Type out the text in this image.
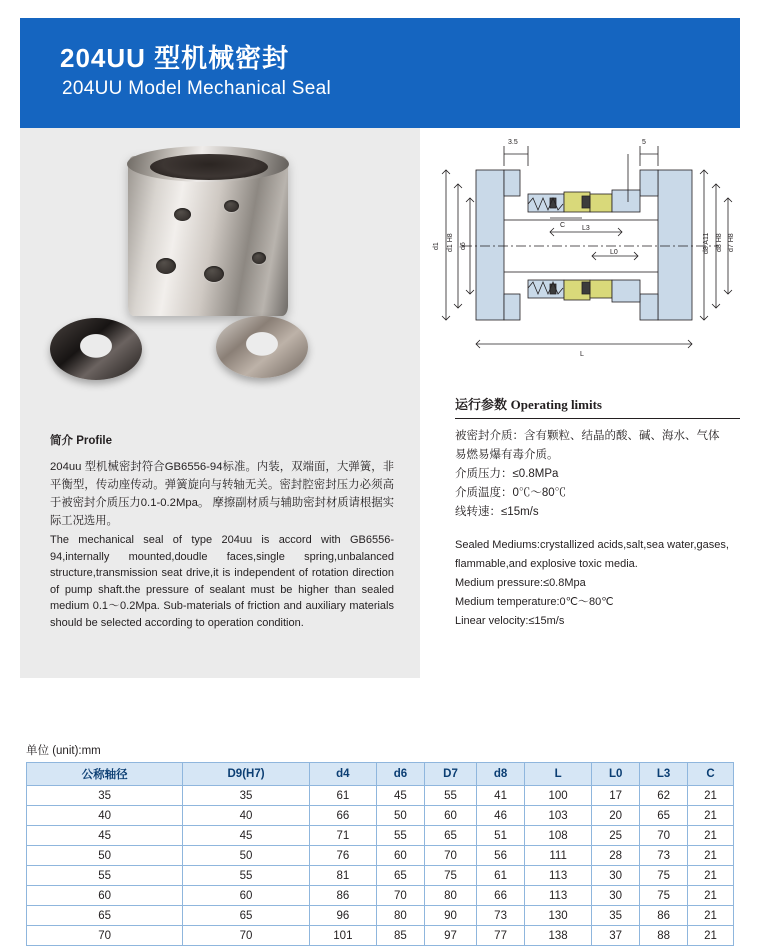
204UU 型机械密封
204UU Model Mechanical Seal
简介 Profile
204uu 型机械密封符合GB6556-94标准。内装，双端面，大弹簧，非平衡型，传动座传动。弹簧旋向与转轴无关。密封腔密封压力必须高于被密封介质压力0.1-0.2Mpa。 摩擦副材质与辅助密封材质请根据实际工况选用。
The mechanical seal of type 204uu is accord with GB6556-94,internally mounted,doudle faces,single spring,unbalanced structure,transmission seat drive,it is independent of rotation direction of pump shaft.the pressure of sealant must be higher than sealed medium 0.1～0.2Mpa. Sub-materials of friction and auxiliary materials should be selected according to operation condition.
3.5	5
d1 d1 H8 d6
C L3
L0	d8 A11 d8 H8 d7 H8
L
运行参数 Operating limits
被密封介质：含有颗粒、结晶的酸、碱、海水、气体
易燃易爆有毒介质。
介质压力：≤0.8MPa
介质温度：0℃～80℃
线转速：≤15m/s
Sealed Mediums:crystallized acids,salt,sea water,gases,
flammable,and explosive toxic media.
Medium pressure:≤0.8Mpa
Medium temperature:0℃～80℃
Linear velocity:≤15m/s
单位 (unit):mm
公称轴径	D9(H7)	d4	d6	D7	d8	L	L0	L3	C
35	35	61	45	55	41	100	17	62	21
40	40	66	50	60	46	103	20	65	21
45	45	71	55	65	51	108	25	70	21
50	50	76	60	70	56	111	28	73	21
55	55	81	65	75	61	113	30	75	21
60	60	86	70	80	66	113	30	75	21
65	65	96	80	90	73	130	35	86	21
70	70	101	85	97	77	138	37	88	21
